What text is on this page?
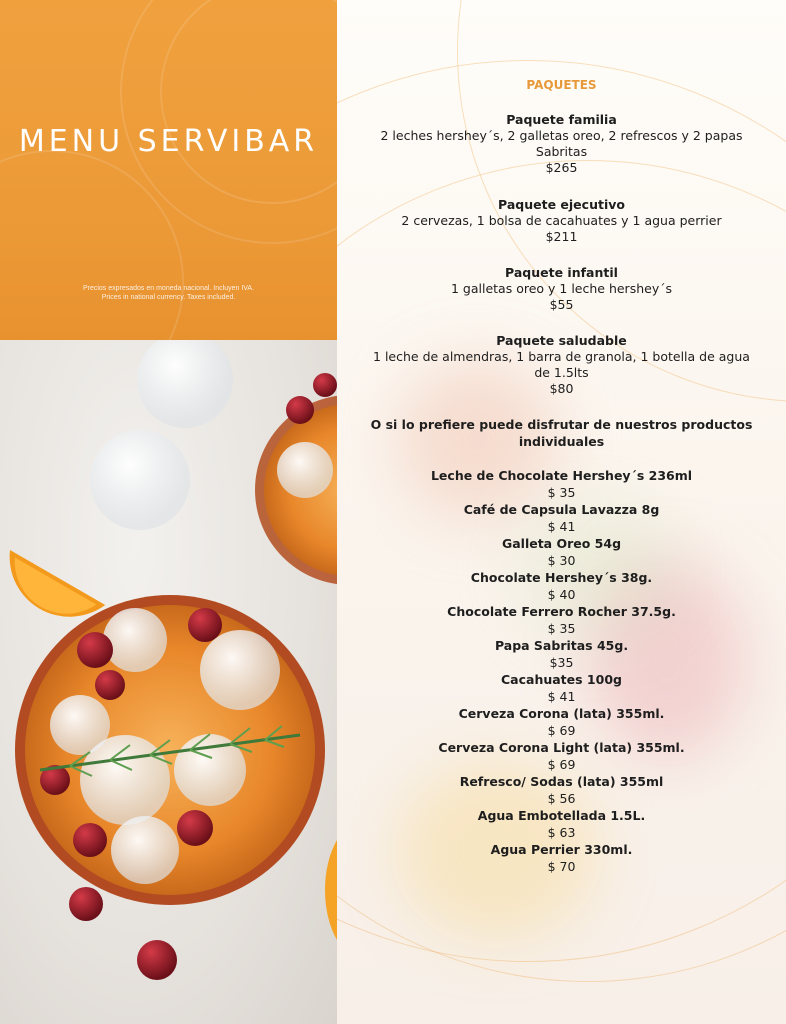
MENU SERVIBAR
Precios expresados en moneda nacional. Incluyen IVA.
Prices in national currency. Taxes included.
PAQUETES
Paquete familia
2 leches hershey´s, 2 galletas oreo, 2 refrescos y 2 papas Sabritas
$265
Paquete ejecutivo
2 cervezas, 1 bolsa de cacahuates y 1 agua perrier
$211
Paquete infantil
1 galletas oreo y 1 leche hershey´s
$55
Paquete saludable
1 leche de almendras, 1 barra de granola, 1 botella de agua de 1.5lts
$80
O si lo prefiere puede disfrutar de nuestros productos individuales
Leche de Chocolate Hershey´s 236ml
$ 35
Café de Capsula Lavazza 8g
$ 41
Galleta Oreo 54g
$ 30
Chocolate Hershey´s 38g.
$ 40
Chocolate Ferrero Rocher 37.5g.
$ 35
Papa Sabritas 45g.
$35
Cacahuates 100g
$ 41
Cerveza Corona (lata) 355ml.
$ 69
Cerveza Corona Light (lata) 355ml.
$ 69
Refresco/ Sodas (lata) 355ml
$ 56
Agua Embotellada 1.5L.
$ 63
Agua Perrier 330ml.
$ 70
